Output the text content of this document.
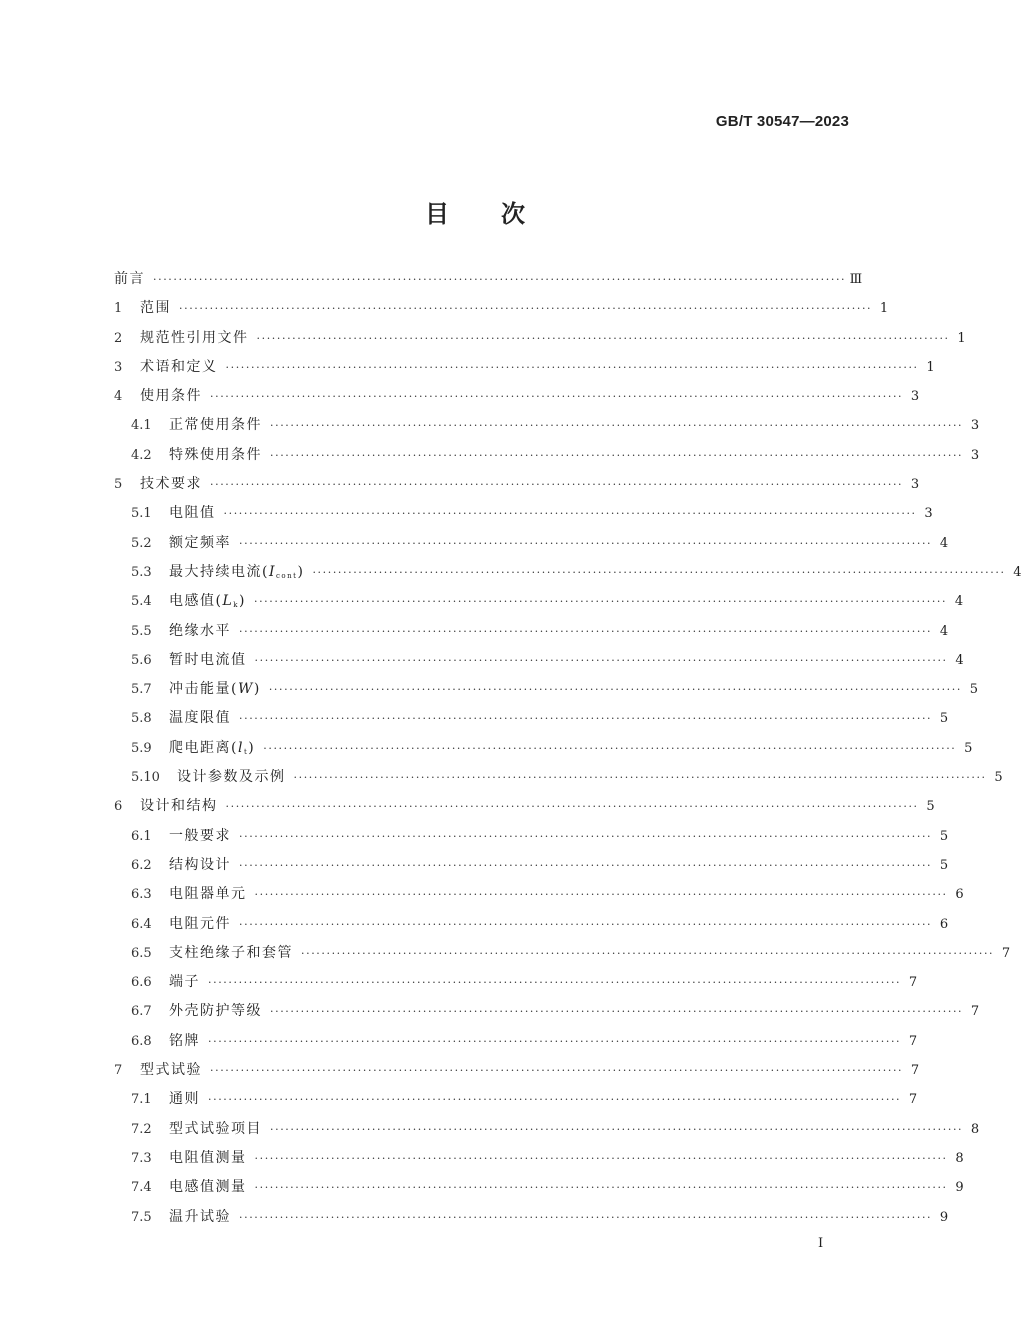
GB/T 30547—2023
目 次
前言 ········································································································································ Ⅲ
1	范围 ········································································································································ 1
2	规范性引用文件 ········································································································································ 1
3	术语和定义 ········································································································································ 1
4	使用条件 ········································································································································ 3
4.1	正常使用条件 ········································································································································ 3
4.2	特殊使用条件 ········································································································································ 3
5	技术要求 ········································································································································ 3
5.1	电阻值 ········································································································································ 3
5.2	额定频率 ········································································································································ 4
5.3	最大持续电流$(I_{cont})$ ········································································································································ 4
5.4	电感值$(L_k)$ ········································································································································ 4
5.5	绝缘水平 ········································································································································ 4
5.6	暂时电流值 ········································································································································ 4
5.7	冲击能量(W) ········································································································································ 5
5.8	温度限值 ········································································································································ 5
5.9	爬电距离$(l_t)$ ········································································································································ 5
5.10	设计参数及示例 ········································································································································ 5
6	设计和结构 ········································································································································ 5
6.1	一般要求 ········································································································································ 5
6.2	结构设计 ········································································································································ 5
6.3	电阻器单元 ········································································································································ 6
6.4	电阻元件 ········································································································································ 6
6.5	支柱绝缘子和套管 ········································································································································ 7
6.6	端子 ········································································································································ 7
6.7	外壳防护等级 ········································································································································ 7
6.8	铭牌 ········································································································································ 7
7	型式试验 ········································································································································ 7
7.1	通则 ········································································································································ 7
7.2	型式试验项目 ········································································································································ 8
7.3	电阻值测量 ········································································································································ 8
7.4	电感值测量 ········································································································································ 9
7.5	温升试验 ········································································································································ 9
Ⅰ
